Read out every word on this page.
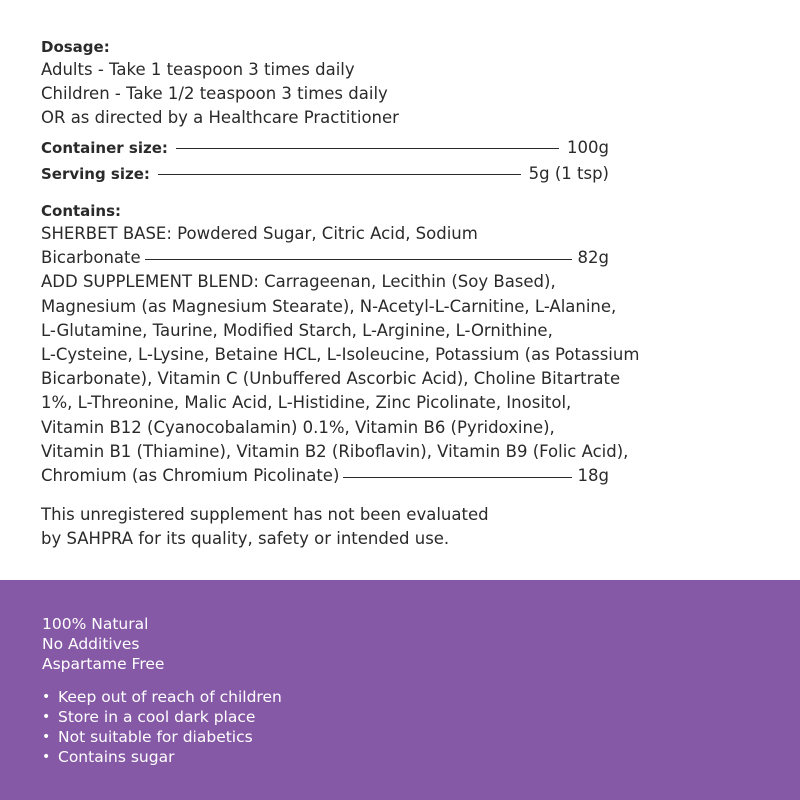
Dosage:
Adults - Take 1 teaspoon 3 times daily
Children - Take 1/2 teaspoon 3 times daily
OR as directed by a Healthcare Practitioner
Container size:	100g
Serving size:	5g (1 tsp)
Contains:
SHERBET BASE: Powdered Sugar, Citric Acid, Sodium
Bicarbonate	82g
ADD SUPPLEMENT BLEND: Carrageenan, Lecithin (Soy Based),
Magnesium (as Magnesium Stearate), N-Acetyl-L-Carnitine, L-Alanine,
L-Glutamine, Taurine, Modified Starch, L-Arginine, L-Ornithine,
L-Cysteine, L-Lysine, Betaine HCL, L-Isoleucine, Potassium (as Potassium
Bicarbonate), Vitamin C (Unbuffered Ascorbic Acid), Choline Bitartrate
1%, L-Threonine, Malic Acid, L-Histidine, Zinc Picolinate, Inositol,
Vitamin B12 (Cyanocobalamin) 0.1%, Vitamin B6 (Pyridoxine),
Vitamin B1 (Thiamine), Vitamin B2 (Riboflavin), Vitamin B9 (Folic Acid),
Chromium (as Chromium Picolinate)	18g
This unregistered supplement has not been evaluated
by SAHPRA for its quality, safety or intended use.
100% Natural
No Additives
Aspartame Free
• Keep out of reach of children
• Store in a cool dark place
• Not suitable for diabetics
• Contains sugar
